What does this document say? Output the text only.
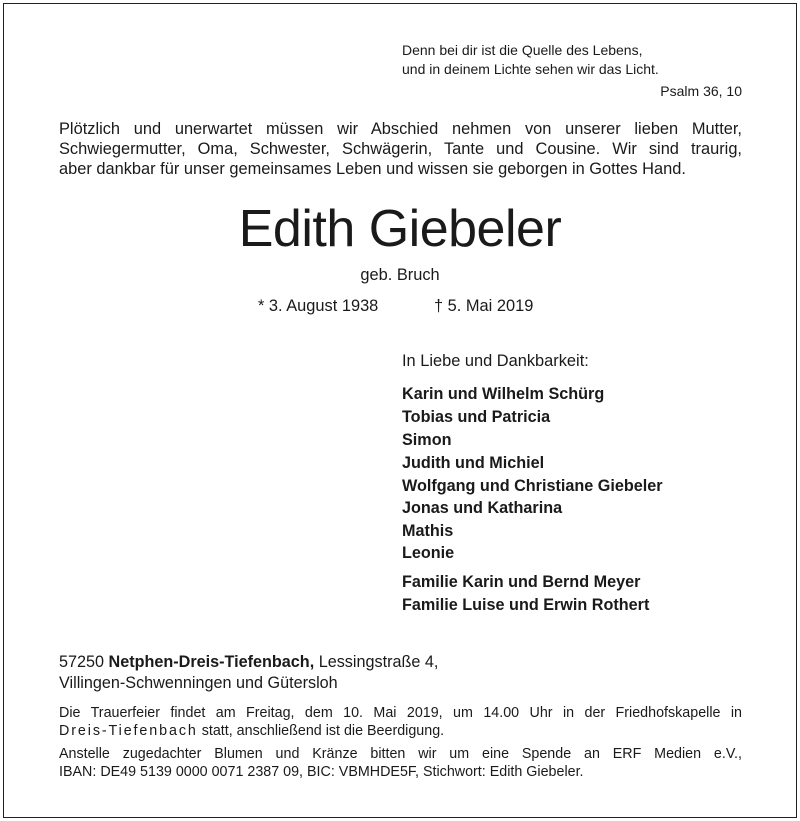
Denn bei dir ist die Quelle des Lebens,
und in deinem Lichte sehen wir das Licht.

Psalm 36, 10

Plötzlich und unerwartet müssen wir Abschied nehmen von unserer lieben Mutter,
Schwiegermutter, Oma, Schwester, Schwägerin, Tante und Cousine. Wir sind traurig,
aber dankbar für unser gemeinsames Leben und wissen sie geborgen in Gottes Hand.

Edith Giebeler

geb. Bruch

* 3. August 1938	† 5. Mai 2019

In Liebe und Dankbarkeit:

Karin und Wilhelm Schürg

Tobias und Patricia

Simon

Judith und Michiel

Wolfgang und Christiane Giebeler

Jonas und Katharina

Mathis

Leonie

Familie Karin und Bernd Meyer

Familie Luise und Erwin Rothert

57250 Netphen-Dreis-Tiefenbach, Lessingstraße 4,
Villingen-Schwenningen und Gütersloh

Die Trauerfeier findet am Freitag, dem 10. Mai 2019, um 14.00 Uhr in der Friedhofskapelle in
Dreis-Tiefenbach statt, anschließend ist die Beerdigung.

Anstelle zugedachter Blumen und Kränze bitten wir um eine Spende an ERF Medien e.V.,
IBAN: DE49 5139 0000 0071 2387 09, BIC: VBMHDE5F, Stichwort: Edith Giebeler.
